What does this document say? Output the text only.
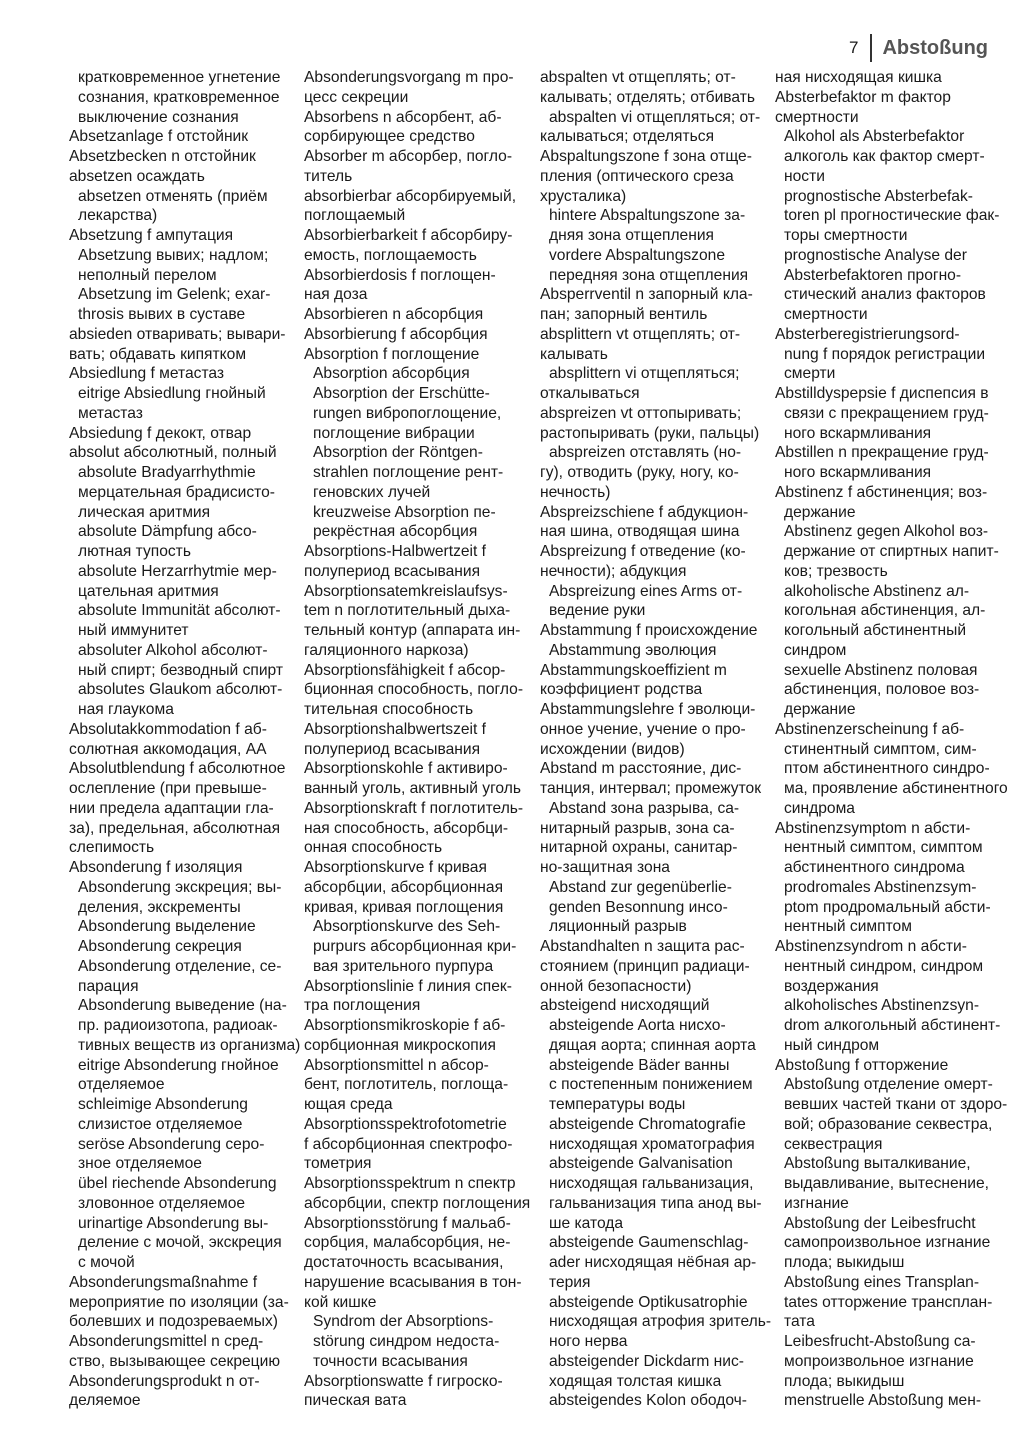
7 Abstoßung
кратковременное угнетение
сознания, кратковременное
выключение сознания
Absetzanlage f отстойник
Absetzbecken n отстойник
absetzen осаждать
absetzen отменять (приём
лекарства)
Absetzung f ампутация
Absetzung вывих; надлом;
неполный перелом
Absetzung im Gelenk; exar-
throsis вывих в суставе
absieden отваривать; вывари-
вать; обдавать кипятком
Absiedlung f метастаз
eitrige Absiedlung гнойный
метастаз
Absiedung f декокт, отвар
absolut абсолютный, полный
absolute Bradyarrhythmie
мерцательная брадисисто-
лическая аритмия
absolute Dämpfung абсо-
лютная тупость
absolute Herzarrhytmie мер-
цательная аритмия
absolute Immunität абсолют-
ный иммунитет
absoluter Alkohol абсолют-
ный спирт; безводный спирт
absolutes Glaukom абсолют-
ная глаукома
Absolutakkommodation f аб-
солютная аккомодация, АА
Absolutblendung f абсолютное
ослепление (при превыше-
нии предела адаптации гла-
за), предельная, абсолютная
слепимость
Absonderung f изоляция
Absonderung экскреция; вы-
деления, экскременты
Absonderung выделение
Absonderung секреция
Absonderung отделение, се-
парация
Absonderung выведение (на-
пр. радиоизотопа, радиоак-
тивных веществ из организма)
eitrige Absonderung гнойное
отделяемое
schleimige Absonderung
слизистое отделяемое
seröse Absonderung серо-
зное отделяемое
übel riechende Absonderung
зловонное отделяемое
urinartige Absonderung вы-
деление с мочой, экскреция
с мочой
Absonderungsmaßnahme f
мероприятие по изоляции (за-
болевших и подозреваемых)
Absonderungsmittel n сред-
ство, вызывающее секрецию
Absonderungsprodukt n от-
деляемое
Absonderungsvorgang m про-
цесс секреции
Absorbens n абсорбент, аб-
сорбирующее средство
Absorber m абсорбер, погло-
титель
absorbierbar абсорбируемый,
поглощаемый
Absorbierbarkeit f абсорбиру-
емость, поглощаемость
Absorbierdosis f поглощен-
ная доза
Absorbieren n абсорбция
Absorbierung f абсорбция
Absorption f поглощение
Absorption абсорбция
Absorption der Erschütte-
rungen вибропоглощение,
поглощение вибрации
Absorption der Röntgen-
strahlen поглощение рент-
геновских лучей
kreuzweise Absorption пе-
рекрёстная абсорбция
Absorptions-Halbwertzeit f
полупериод всасывания
Absorptionsatemkreislaufsys-
tem n поглотительный дыха-
тельный контур (аппарата ин-
галяционного наркоза)
Absorptionsfähigkeit f абсор-
бционная способность, погло-
тительная способность
Absorptionshalbwertszeit f
полупериод всасывания
Absorptionskohle f активиро-
ванный уголь, активный уголь
Absorptionskraft f поглотитель-
ная способность, абсорбци-
онная способность
Absorptionskurve f кривая
абсорбции, абсорбционная
кривая, кривая поглощения
Absorptionskurve des Seh-
purpurs абсорбционная кри-
вая зрительного пурпура
Absorptionslinie f линия спек-
тра поглощения
Absorptionsmikroskopie f аб-
сорбционная микроскопия
Absorptionsmittel n абсор-
бент, поглотитель, поглоща-
ющая среда
Absorptionsspektrofotometrie
f абсорбционная спектрофо-
тометрия
Absorptionsspektrum n спектр
абсорбции, спектр поглощения
Absorptionsstörung f мальаб-
сорбция, малабсорбция, не-
достаточность всасывания,
нарушение всасывания в тон-
кой кишке
Syndrom der Absorptions-
störung синдром недоста-
точности всасывания
Absorptionswatte f гигроско-
пическая вата
abspalten vt отщеплять; от-
калывать; отделять; отбивать
abspalten vi отщепляться; от-
калываться; отделяться
Abspaltungszone f зона отще-
пления (оптического среза
хрусталика)
hintere Abspaltungszone за-
дняя зона отщепления
vordere Abspaltungszone
передняя зона отщепления
Absperrventil n запорный кла-
пан; запорный вентиль
absplittern vt отщеплять; от-
калывать
absplittern vi отщепляться;
откалываться
abspreizen vt оттопыривать;
растопыривать (руки, пальцы)
abspreizen отставлять (но-
гу), отводить (руку, ногу, ко-
нечность)
Abspreizschiene f абдукцион-
ная шина, отводящая шина
Abspreizung f отведение (ко-
нечности); абдукция
Abspreizung eines Arms от-
ведение руки
Abstammung f происхождение
Abstammung эволюция
Abstammungskoeffizient m
коэффициент родства
Abstammungslehre f эволюци-
онное учение, учение о про-
исхождении (видов)
Abstand m расстояние, дис-
танция, интервал; промежуток
Abstand зона разрыва, са-
нитарный разрыв, зона са-
нитарной охраны, санитар-
но-защитная зона
Abstand zur gegenüberlie-
genden Besonnung инсо-
ляционный разрыв
Abstandhalten n защита рас-
стоянием (принцип радиаци-
онной безопасности)
absteigend нисходящий
absteigende Aorta нисхо-
дящая аорта; спинная аорта
absteigende Bäder ванны
с постепенным понижением
температуры воды
absteigende Chromatografie
нисходящая хроматография
absteigende Galvanisation
нисходящая гальванизация,
гальванизация типа анод вы-
ше катода
absteigende Gaumenschlag-
ader нисходящая нёбная ар-
терия
absteigende Optikusatrophie
нисходящая атрофия зритель-
ного нерва
absteigender Dickdarm нис-
ходящая толстая кишка
absteigendes Kolon ободоч-
ная нисходящая кишка
Absterbefaktor m фактор
смертности
Alkohol als Absterbefaktor
алкоголь как фактор смерт-
ности
prognostische Absterbefak-
toren pl прогностические фак-
торы смертности
prognostische Analyse der
Absterbefaktoren прогно-
стический анализ факторов
смертности
Absterberegistrierungsord-
nung f порядок регистрации
смерти
Abstilldyspepsie f диспепсия в
связи с прекращением груд-
ного вскармливания
Abstillen n прекращение груд-
ного вскармливания
Abstinenz f абстиненция; воз-
держание
Abstinenz gegen Alkohol воз-
держание от спиртных напит-
ков; трезвость
alkoholische Abstinenz ал-
когольная абстиненция, ал-
когольный абстинентный
синдром
sexuelle Abstinenz половая
абстиненция, половое воз-
держание
Abstinenzerscheinung f аб-
стинентный симптом, сим-
птом абстинентного синдро-
ма, проявление абстинентного
синдрома
Abstinenzsymptom n абсти-
нентный симптом, симптом
абстинентного синдрома
prodromales Abstinenzsym-
ptom продромальный абсти-
нентный симптом
Abstinenzsyndrom n абсти-
нентный синдром, синдром
воздержания
alkoholisches Abstinenzsyn-
drom алкогольный абстинент-
ный синдром
Abstoßung f отторжение
Abstoßung отделение омерт-
вевших частей ткани от здоро-
вой; образование секвестра,
секвестрация
Abstoßung выталкивание,
выдавливание, вытеснение,
изгнание
Abstoßung der Leibesfrucht
самопроизвольное изгнание
плода; выкидыш
Abstoßung eines Transplan-
tates отторжение трансплан-
тата
Leibesfrucht-Abstoßung са-
мопроизвольное изгнание
плода; выкидыш
menstruelle Abstoßung мен-
